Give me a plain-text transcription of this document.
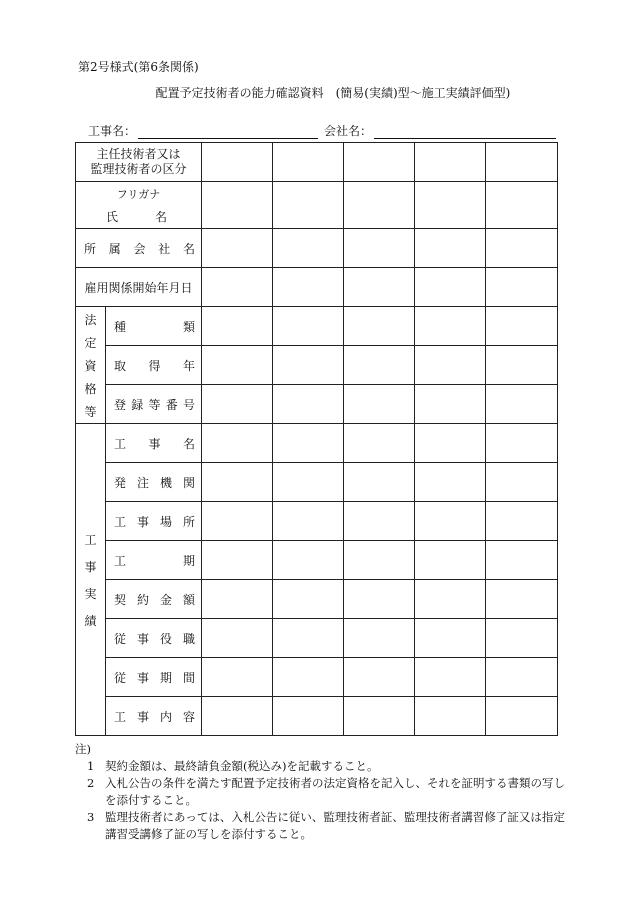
第2号様式(第6条関係)
配置予定技術者の能力確認資料　(簡易(実績)型～施工実績評価型)
工事名：	会社名：
主任技術者又は
監理技術者の区分						

フリガナ
氏 名						

所 属 会 社 名						

雇用関係開始年月日						

法
定
資
格
等	種 類					

	取 得 年					

	登 録 等 番 号					

工
事
実
績	工 事 名					

	発 注 機 関					

	工 事 場 所					

	工 期					

	契 約 金 額					

	従 事 役 職					

	従 事 期 間					

	工 事 内 容					

注)
1 契約金額は、最終請負金額(税込み)を記載すること。
2 入札公告の条件を満たす配置予定技術者の法定資格を記入し、それを証明する書類の写しを添付すること。
3 監理技術者にあっては、入札公告に従い、監理技術者証、監理技術者講習修了証又は指定講習受講修了証の写しを添付すること。
